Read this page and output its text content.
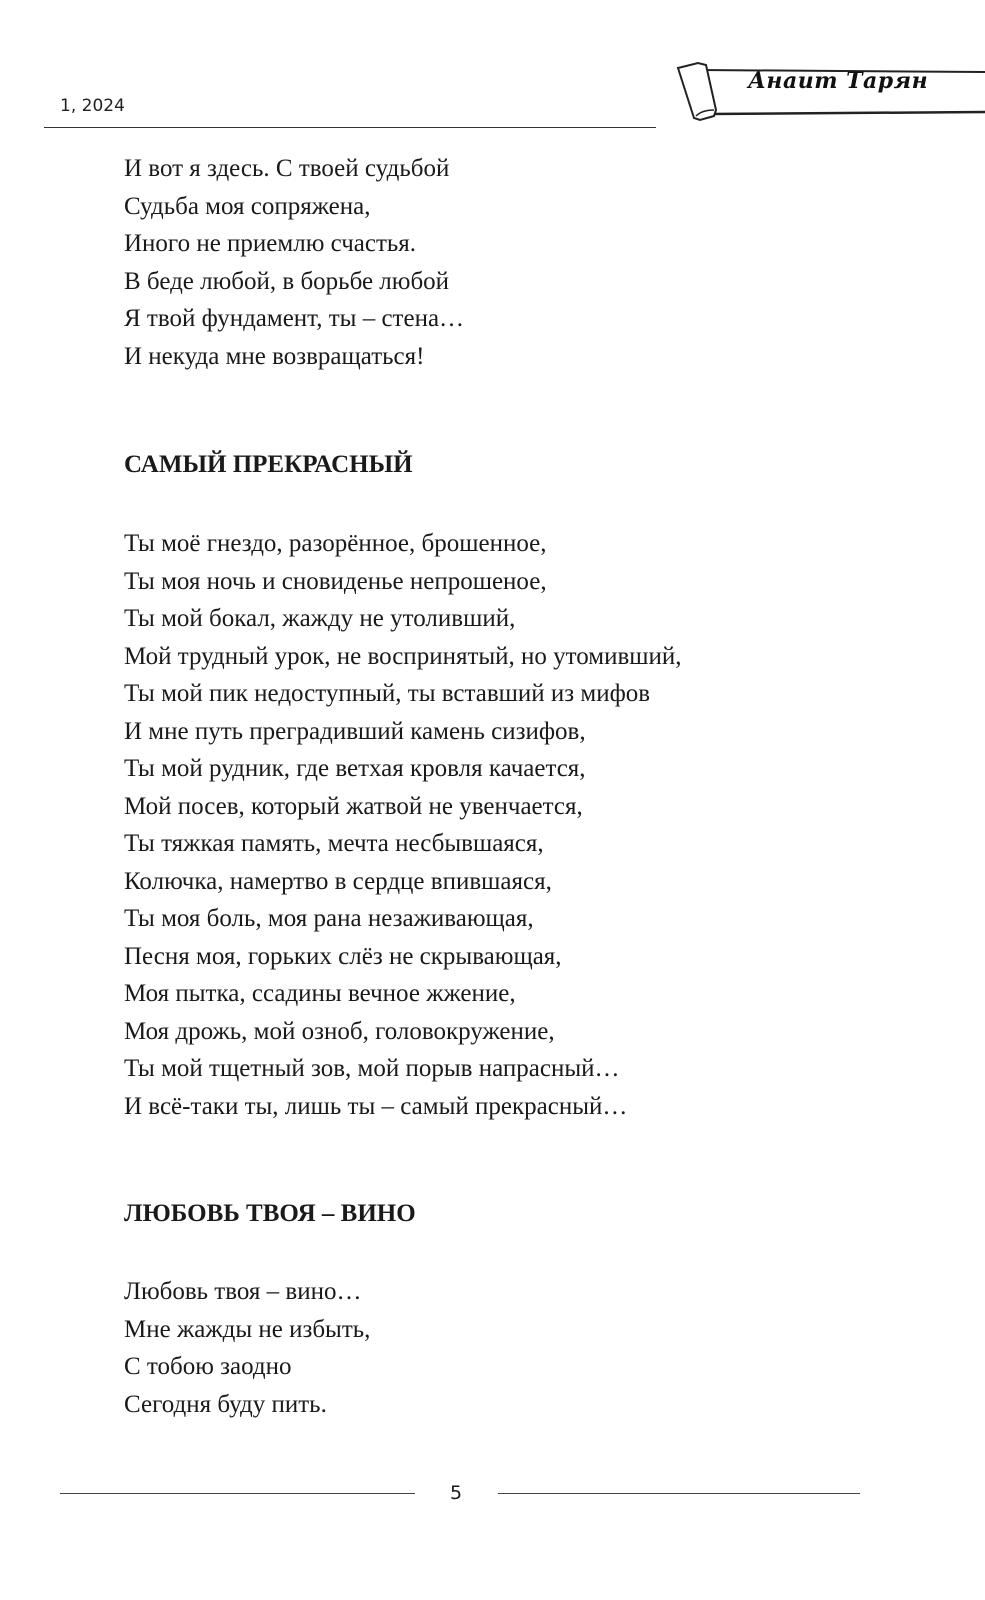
1, 2024
Анаит Тарян
И вот я здесь. С твоей судьбой
Судьба моя сопряжена,
Иного не приемлю счастья.
В беде любой, в борьбе любой
Я твой фундамент, ты – стена…
И некуда мне возвращаться!
САМЫЙ ПРЕКРАСНЫЙ
Ты моё гнездо, разорённое, брошенное,
Ты моя ночь и сновиденье непрошеное,
Ты мой бокал, жажду не утоливший,
Мой трудный урок, не воспринятый, но утомивший,
Ты мой пик недоступный, ты вставший из мифов
И мне путь преградивший камень сизифов,
Ты мой рудник, где ветхая кровля качается,
Мой посев, который жатвой не увенчается,
Ты тяжкая память, мечта несбывшаяся,
Колючка, намертво в сердце впившаяся,
Ты моя боль, моя рана незаживающая,
Песня моя, горьких слёз не скрывающая,
Моя пытка, ссадины вечное жжение,
Моя дрожь, мой озноб, головокружение,
Ты мой тщетный зов, мой порыв напрасный…
И всё-таки ты, лишь ты – самый прекрасный…
ЛЮБОВЬ ТВОЯ – ВИНО
Любовь твоя – вино…
Мне жажды не избыть,
С тобою заодно
Сегодня буду пить.
5
